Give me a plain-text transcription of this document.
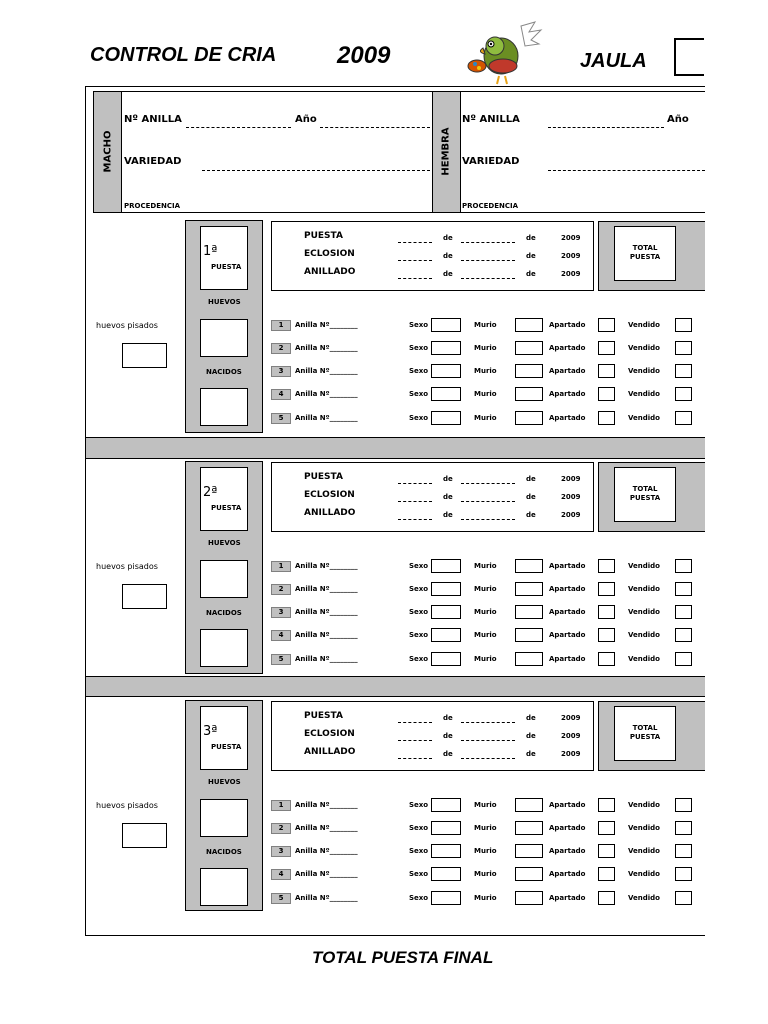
CONTROL DE CRIA	2009	JAULA
MACHO
Nº ANILLA	Año
VARIEDAD
PROCEDENCIA
HEMBRA
Nº ANILLA	Año
VARIEDAD
PROCEDENCIA
1ª
PUESTA
HUEVOS
NACIDOS
huevos pisados
PUESTA	de	de	2009
ECLOSION	de	de	2009
ANILLADO	de	de	2009
TOTAL PUESTA
1	Anilla Nº________	Sexo	Murio	Apartado	Vendido
2	Anilla Nº________	Sexo	Murio	Apartado	Vendido
3	Anilla Nº________	Sexo	Murio	Apartado	Vendido
4	Anilla Nº________	Sexo	Murio	Apartado	Vendido
5	Anilla Nº________	Sexo	Murio	Apartado	Vendido
2ª
PUESTA
HUEVOS
NACIDOS
huevos pisados
PUESTA	de	de	2009
ECLOSION	de	de	2009
ANILLADO	de	de	2009
TOTAL PUESTA
1	Anilla Nº________	Sexo	Murio	Apartado	Vendido
2	Anilla Nº________	Sexo	Murio	Apartado	Vendido
3	Anilla Nº________	Sexo	Murio	Apartado	Vendido
4	Anilla Nº________	Sexo	Murio	Apartado	Vendido
5	Anilla Nº________	Sexo	Murio	Apartado	Vendido
3ª
PUESTA
HUEVOS
NACIDOS
huevos pisados
PUESTA	de	de	2009
ECLOSION	de	de	2009
ANILLADO	de	de	2009
TOTAL PUESTA
1	Anilla Nº________	Sexo	Murio	Apartado	Vendido
2	Anilla Nº________	Sexo	Murio	Apartado	Vendido
3	Anilla Nº________	Sexo	Murio	Apartado	Vendido
4	Anilla Nº________	Sexo	Murio	Apartado	Vendido
5	Anilla Nº________	Sexo	Murio	Apartado	Vendido
TOTAL PUESTA FINAL
